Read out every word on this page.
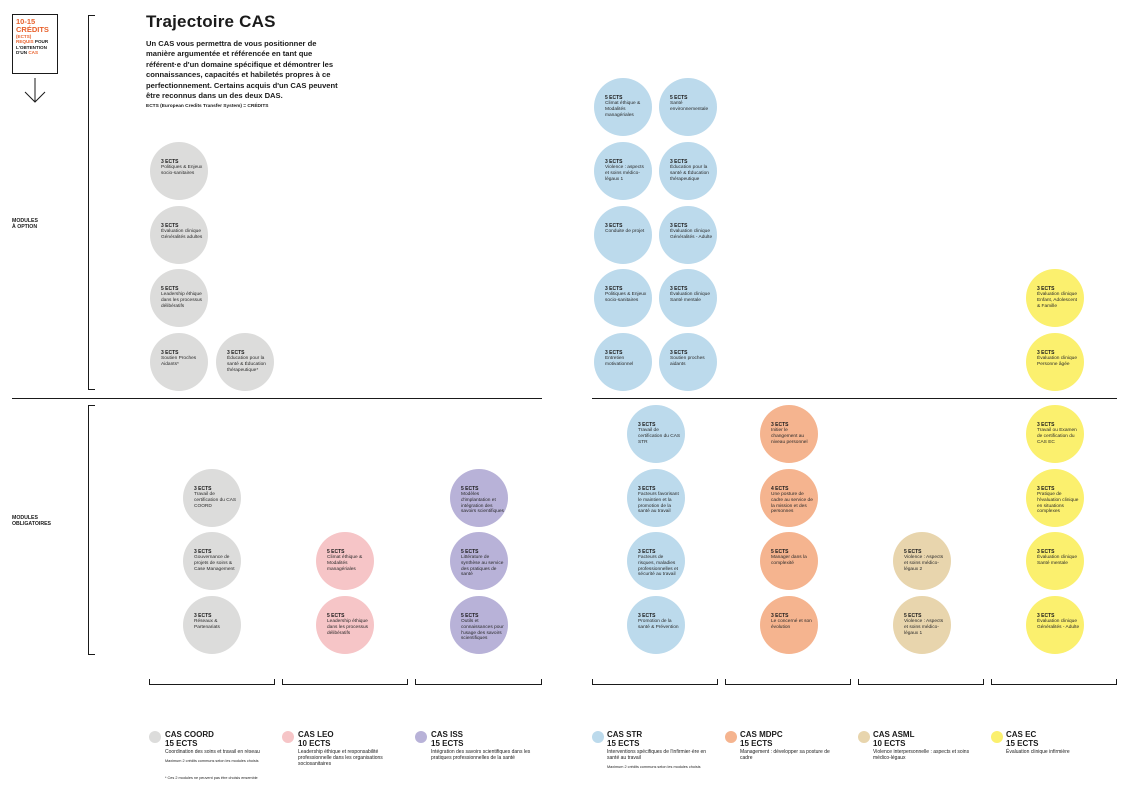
10-15
CRÉDITS
(ECTS)
REQUIS POUR
L'OBTENTION
D'UN CAS
MODULES
À OPTION
MODULES
OBLIGATOIRES
Trajectoire CAS
Un CAS vous permettra de vous positionner de manière argumentée et référencée en tant que référent·e d'un domaine spécifique et démontrer les connaissances, capacités et habiletés propres à ce perfectionnement. Certains acquis d'un CAS peuvent être reconnus dans un des deux DAS.
ECTS (European Credits Transfer System) = CRÉDITS
3 ECTS
Politiques & Enjeux socio-sanitaires
3 ECTS
Évaluation clinique Généralités adultes
5 ECTS
Leadership éthique dans les processus délibératifs
3 ECTS
Soutien Proches Aidants*
3 ECTS
Éducation pour la santé & Éducation thérapeutique*
5 ECTS
Climat éthique & Modalités managériales
5 ECTS
Santé environnementale
3 ECTS
Violence : aspects et soins médico-légaux 1
3 ECTS
Éducation pour la santé & Éducation thérapeutique
3 ECTS
Conduite de projet
3 ECTS
Évaluation clinique Généralités - Adulte
3 ECTS
Politiques & Enjeux socio-sanitaires
3 ECTS
Évaluation clinique Santé mentale
3 ECTS
Entretien motivationnel
3 ECTS
Soutien proches aidants
3 ECTS
Évaluation clinique Enfant, Adolescent & Famille
3 ECTS
Évaluation clinique Personne âgée
3 ECTS
Travail de certification du CAS COORD
3 ECTS
Gouvernance de projets de soins & Case Management
3 ECTS
Réseaux & Partenariats
5 ECTS
Climat éthique & Modalités managériales
5 ECTS
Leadership éthique dans les processus délibératifs
5 ECTS
Modèles d'implantation et intégration des savoirs scientifiques
5 ECTS
Littérature de synthèse au service des pratiques de santé
5 ECTS
Outils et connaissances pour l'usage des savoirs scientifiques
3 ECTS
Travail de certification du CAS STR
3 ECTS
Facteurs favorisant le maintien et la promotion de la santé au travail
3 ECTS
Facteurs de risques, maladies professionnelles et sécurité au travail
3 ECTS
Promotion de la santé & Prévention
3 ECTS
Initier le changement au niveau personnel
4 ECTS
Une posture de cadre au service de la mission et des personnes
5 ECTS
Manager dans la complexité
3 ECTS
Le concerné et son évolution
5 ECTS
Violence : Aspects et soins médico-légaux 2
5 ECTS
Violence : Aspects et soins médico-légaux 1
3 ECTS
Travail ou Examen de certification du CAS EC
3 ECTS
Pratique de l'évaluation clinique en situations complexes
3 ECTS
Évaluation clinique Santé mentale
3 ECTS
Évaluation clinique Généralités - Adulte
CAS COORD
15 ECTS
Coordination des soins et travail en réseau
Maximum 2 crédits communs selon les modules choisis
* Ces 2 modules ne peuvent pas être choisis ensemble
CAS LEO
10 ECTS
Leadership éthique et responsabilité professionnelle dans les organisations sociosanitaires
CAS ISS
15 ECTS
Intégration des savoirs scientifiques dans les pratiques professionnelles de la santé
CAS STR
15 ECTS
Interventions spécifiques de l'infirmier·ère en santé au travail
Maximum 2 crédits communs selon les modules choisis
CAS MDPC
15 ECTS
Management : développer sa posture de cadre
CAS ASML
10 ECTS
Violence interpersonnelle : aspects et soins médico-légaux
CAS EC
15 ECTS
Évaluation clinique infirmière
